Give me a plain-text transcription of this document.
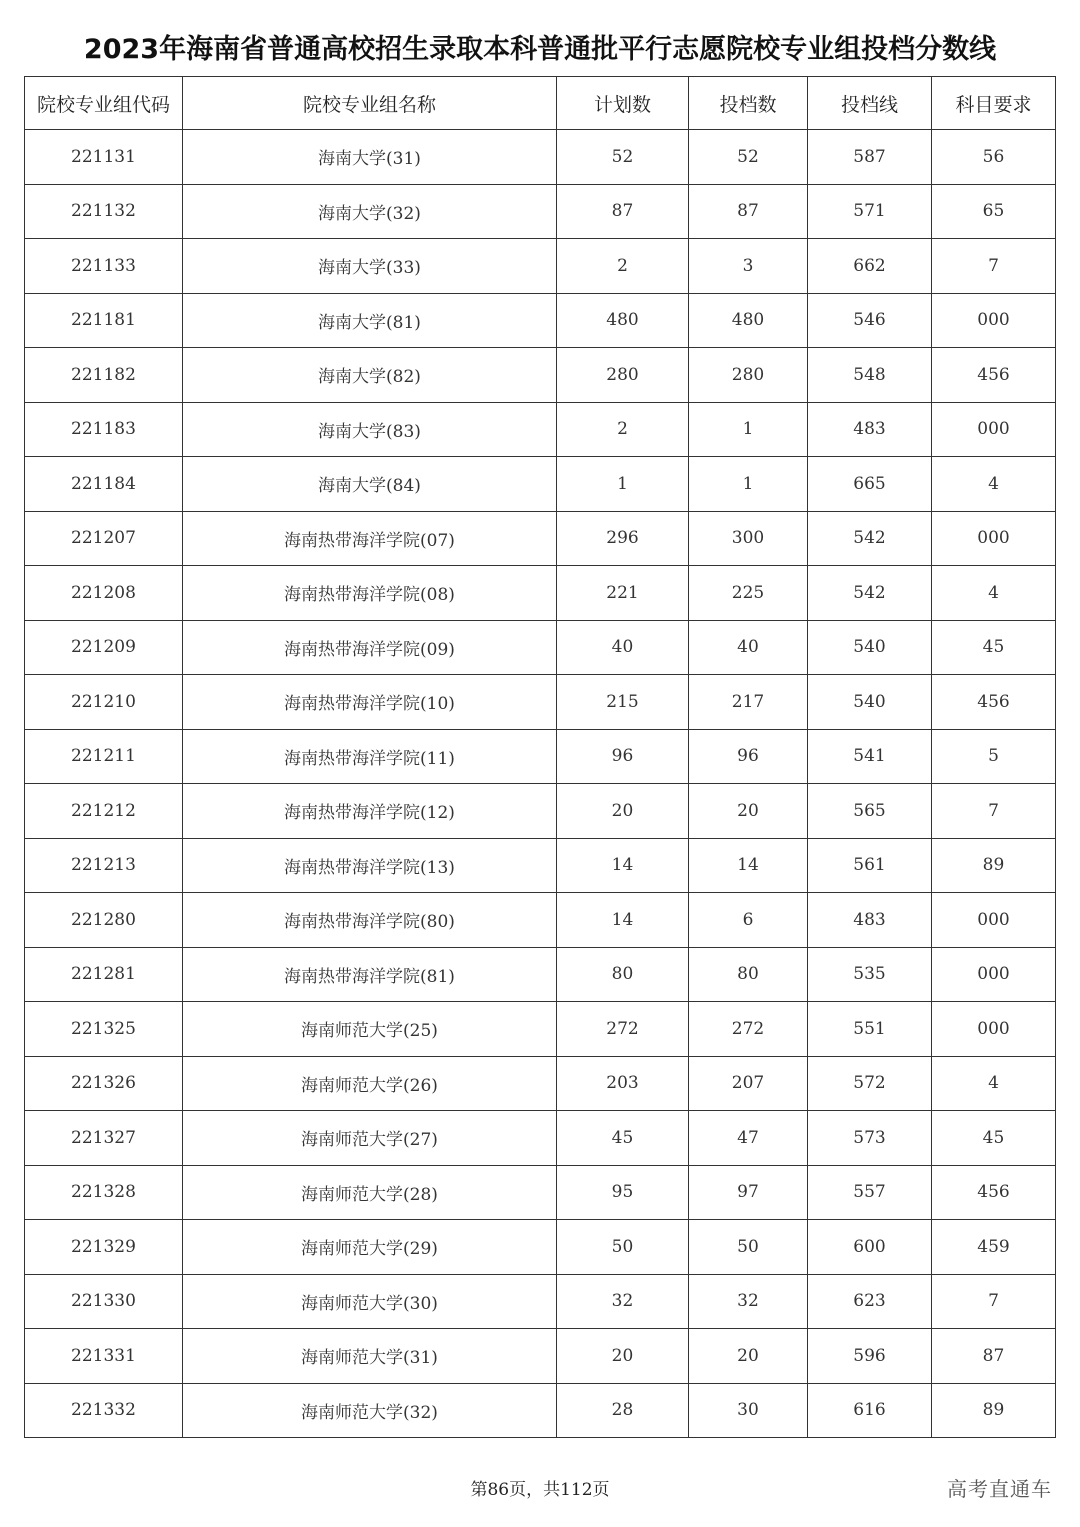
2023年海南省普通高校招生录取本科普通批平行志愿院校专业组投档分数线
院校专业组代码	院校专业组名称	计划数	投档数	投档线	科目要求
221131	海南大学(31)	52	52	587	56
221132	海南大学(32)	87	87	571	65
221133	海南大学(33)	2	3	662	7
221181	海南大学(81)	480	480	546	000
221182	海南大学(82)	280	280	548	456
221183	海南大学(83)	2	1	483	000
221184	海南大学(84)	1	1	665	4
221207	海南热带海洋学院(07)	296	300	542	000
221208	海南热带海洋学院(08)	221	225	542	4
221209	海南热带海洋学院(09)	40	40	540	45
221210	海南热带海洋学院(10)	215	217	540	456
221211	海南热带海洋学院(11)	96	96	541	5
221212	海南热带海洋学院(12)	20	20	565	7
221213	海南热带海洋学院(13)	14	14	561	89
221280	海南热带海洋学院(80)	14	6	483	000
221281	海南热带海洋学院(81)	80	80	535	000
221325	海南师范大学(25)	272	272	551	000
221326	海南师范大学(26)	203	207	572	4
221327	海南师范大学(27)	45	47	573	45
221328	海南师范大学(28)	95	97	557	456
221329	海南师范大学(29)	50	50	600	459
221330	海南师范大学(30)	32	32	623	7
221331	海南师范大学(31)	20	20	596	87
221332	海南师范大学(32)	28	30	616	89
第86页，共112页	高考直通车
